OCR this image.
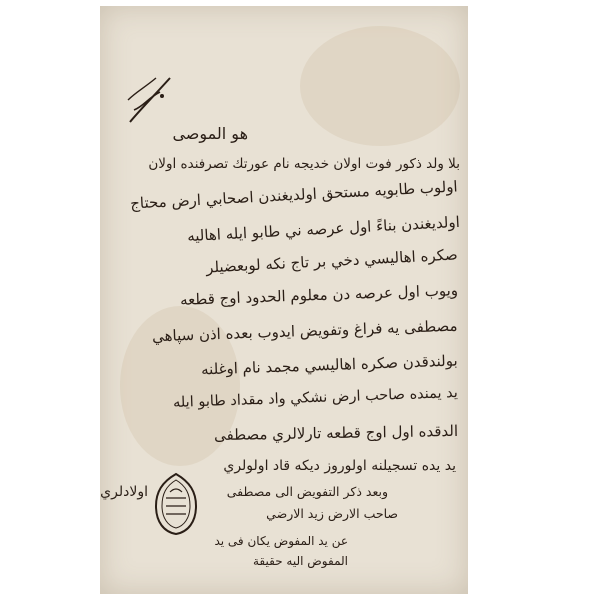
هو الموصى
بلا ولد ذكور فوت اولان خديجه نام عورتك تصرفنده اولان
اولوب طابويه مستحق اولديغندن اصحابي ارض محتاج
اولديغندن بناءً اول عرصه ني طابو ايله اهاليه
صكره اهاليسي دخي بر تاج نكه لوبعضيلر
ويوب اول عرصه دن معلوم الحدود اوج قطعه
مصطفى يه فراغ وتفويض ايدوب بعده اذن سپاهي
بولندقدن صكره اهاليسي مجمد نام اوغلنه
يد يمنده صاحب ارض نشكي واد مقداد طابو ايله
الدقده اول اوج قطعه تارلالري مصطفى
يد يده تسجيلنه اولوروز ديكه قاد اولولري
اولادلري	وبعد ذكر التفويض الى مصطفى
صاحب الارض زيد الارضي
عن يد المفوض يكان فى يد
المفوض اليه حقيقة
